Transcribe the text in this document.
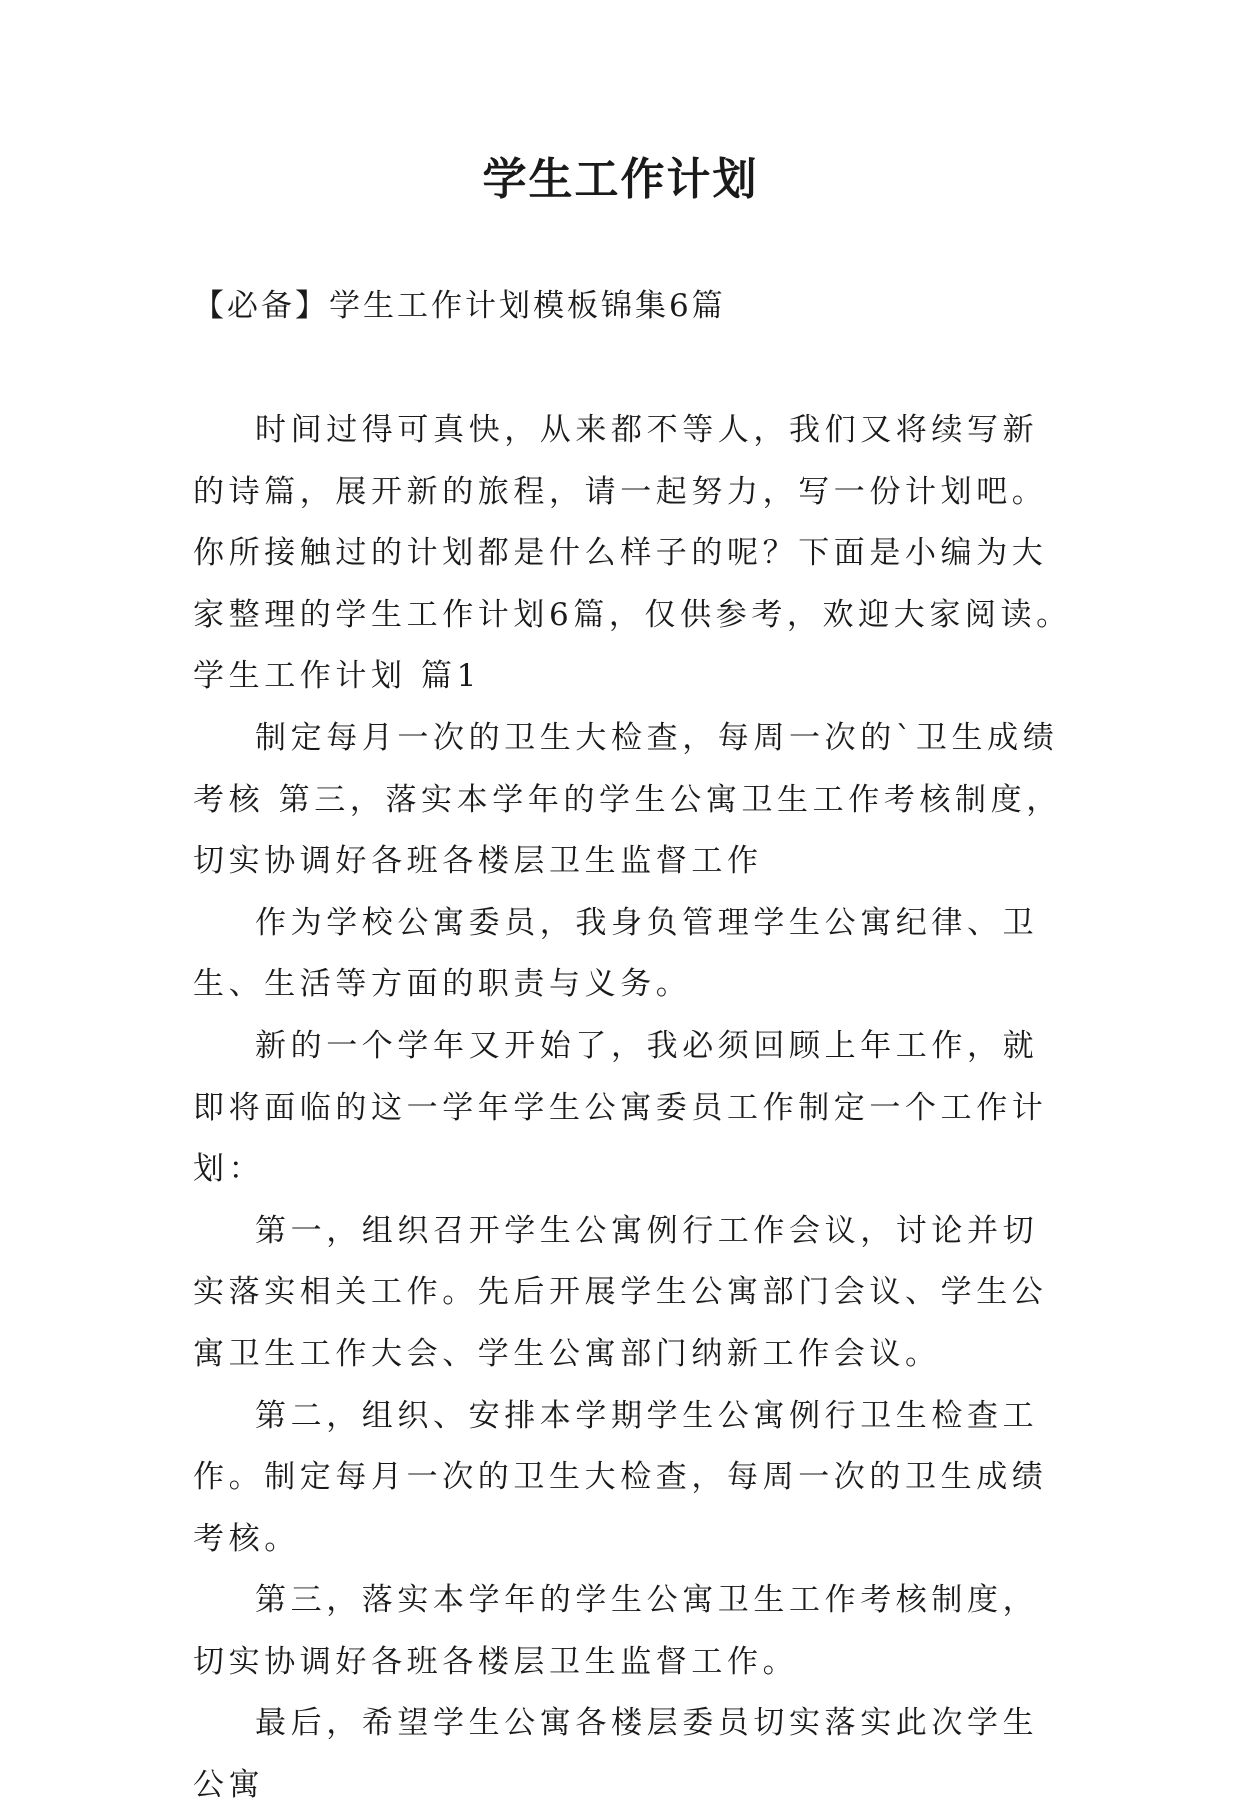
学生工作计划

【必备】学生工作计划模板锦集6篇

时间过得可真快，从来都不等人，我们又将续写新的诗篇，展开新的旅程，请一起努力，写一份计划吧。你所接触过的计划都是什么样子的呢？下面是小编为大家整理的学生工作计划6篇，仅供参考，欢迎大家阅读。

学生工作计划 篇1

制定每月一次的卫生大检查，每周一次的`卫生成绩考核 第三，落实本学年的学生公寓卫生工作考核制度，切实协调好各班各楼层卫生监督工作

作为学校公寓委员，我身负管理学生公寓纪律、卫生、生活等方面的职责与义务。

新的一个学年又开始了，我必须回顾上年工作，就即将面临的这一学年学生公寓委员工作制定一个工作计划：

第一，组织召开学生公寓例行工作会议，讨论并切实落实相关工作。先后开展学生公寓部门会议、学生公寓卫生工作大会、学生公寓部门纳新工作会议。

第二，组织、安排本学期学生公寓例行卫生检查工作。制定每月一次的卫生大检查，每周一次的卫生成绩考核。

第三，落实本学年的学生公寓卫生工作考核制度，切实协调好各班各楼层卫生监督工作。

最后，希望学生公寓各楼层委员切实落实此次学生公寓
